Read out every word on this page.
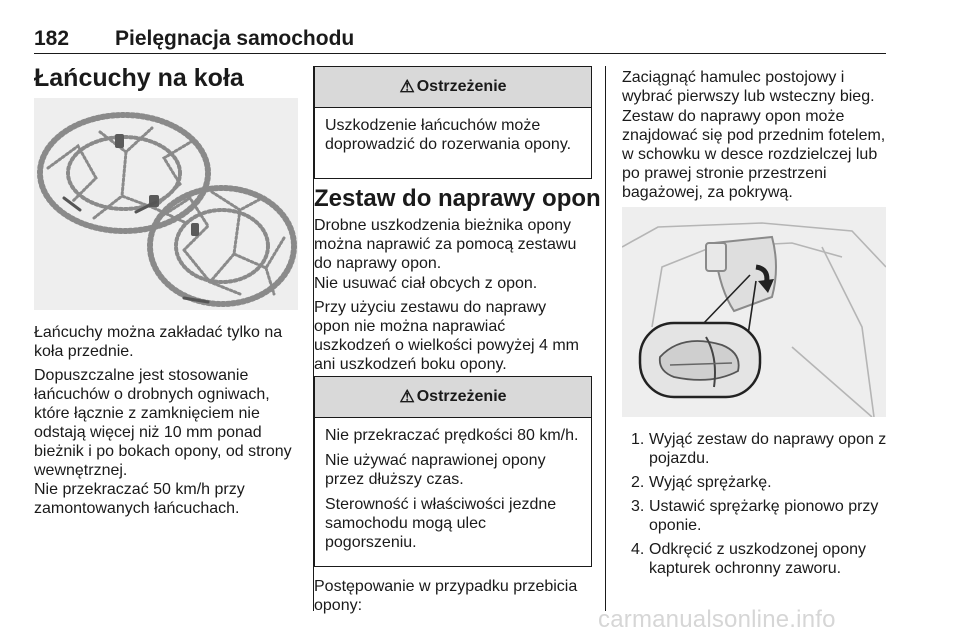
182 Pielęgnacja samochodu
Łańcuchy na koła

Łańcuchy można zakładać tylko na koła przednie.

Dopuszczalne jest stosowanie łańcuchów o drobnych ogniwach, które łącznie z zamknięciem nie odstają więcej niż 10 mm ponad bieżnik i po bokach opony, od strony wewnętrznej.

Nie przekraczać 50 km/h przy zamontowanych łańcuchach.

⚠ Ostrzeżenie

Uszkodzenie łańcuchów może doprowadzić do rozerwania opony.

Zestaw do naprawy opon

Drobne uszkodzenia bieżnika opony można naprawić za pomocą zestawu do naprawy opon.

Nie usuwać ciał obcych z opon.

Przy użyciu zestawu do naprawy opon nie można naprawiać uszkodzeń o wielkości powyżej 4 mm ani uszkodzeń boku opony.

⚠ Ostrzeżenie

Nie przekraczać prędkości 80 km/h.

Nie używać naprawionej opony przez dłuższy czas.

Sterowność i właściwości jezdne samochodu mogą ulec pogorszeniu.

Postępowanie w przypadku przebicia opony:

Zaciągnąć hamulec postojowy i wybrać pierwszy lub wsteczny bieg.

Zestaw do naprawy opon może znajdować się pod przednim fotelem, w schowku w desce rozdzielczej lub po prawej stronie przestrzeni bagażowej, za pokrywą.

1. Wyjąć zestaw do naprawy opon z pojazdu.
2. Wyjąć sprężarkę.
3. Ustawić sprężarkę pionowo przy oponie.
4. Odkręcić z uszkodzonej opony kapturek ochronny zaworu.
carmanualsonline.info
